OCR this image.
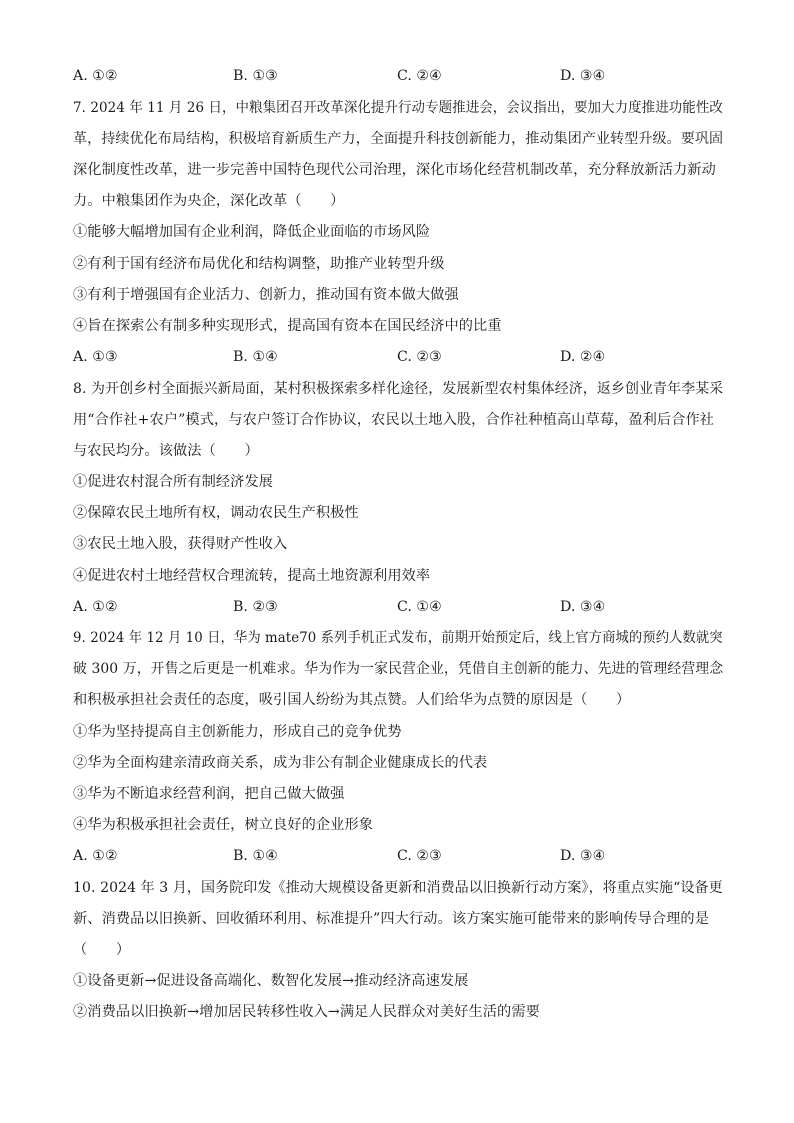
A. ①②	B. ①③	C. ②④	D. ③④
7. 2024 年 11 月 26 日，中粮集团召开改革深化提升行动专题推进会，会议指出，要加大力度推进功能性改
革，持续优化布局结构，积极培育新质生产力，全面提升科技创新能力，推动集团产业转型升级。要巩固
深化制度性改革，进一步完善中国特色现代公司治理，深化市场化经营机制改革，充分释放新活力新动
力。中粮集团作为央企，深化改革（　　）
①能够大幅增加国有企业利润，降低企业面临的市场风险
②有利于国有经济布局优化和结构调整，助推产业转型升级
③有利于增强国有企业活力、创新力，推动国有资本做大做强
④旨在探索公有制多种实现形式，提高国有资本在国民经济中的比重
A. ①③	B. ①④	C. ②③	D. ②④
8. 为开创乡村全面振兴新局面，某村积极探索多样化途径，发展新型农村集体经济，返乡创业青年李某采
用“合作社+农户”模式，与农户签订合作协议，农民以土地入股，合作社种植高山草莓，盈利后合作社
与农民均分。该做法（　　）
①促进农村混合所有制经济发展
②保障农民土地所有权，调动农民生产积极性
③农民土地入股，获得财产性收入
④促进农村土地经营权合理流转，提高土地资源利用效率
A. ①②	B. ②③	C. ①④	D. ③④
9. 2024 年 12 月 10 日，华为 mate70 系列手机正式发布，前期开始预定后，线上官方商城的预约人数就突
破 300 万，开售之后更是一机难求。华为作为一家民营企业，凭借自主创新的能力、先进的管理经营理念
和积极承担社会责任的态度，吸引国人纷纷为其点赞。人们给华为点赞的原因是（　　）
①华为坚持提高自主创新能力，形成自己的竞争优势
②华为全面构建亲清政商关系，成为非公有制企业健康成长的代表
③华为不断追求经营利润，把自己做大做强
④华为积极承担社会责任，树立良好的企业形象
A. ①②	B. ①④	C. ②③	D. ③④
10. 2024 年 3 月，国务院印发《推动大规模设备更新和消费品以旧换新行动方案》，将重点实施“设备更
新、消费品以旧换新、回收循环利用、标准提升”四大行动。该方案实施可能带来的影响传导合理的是
（　　）
①设备更新→促进设备高端化、数智化发展→推动经济高速发展
②消费品以旧换新→增加居民转移性收入→满足人民群众对美好生活的需要
